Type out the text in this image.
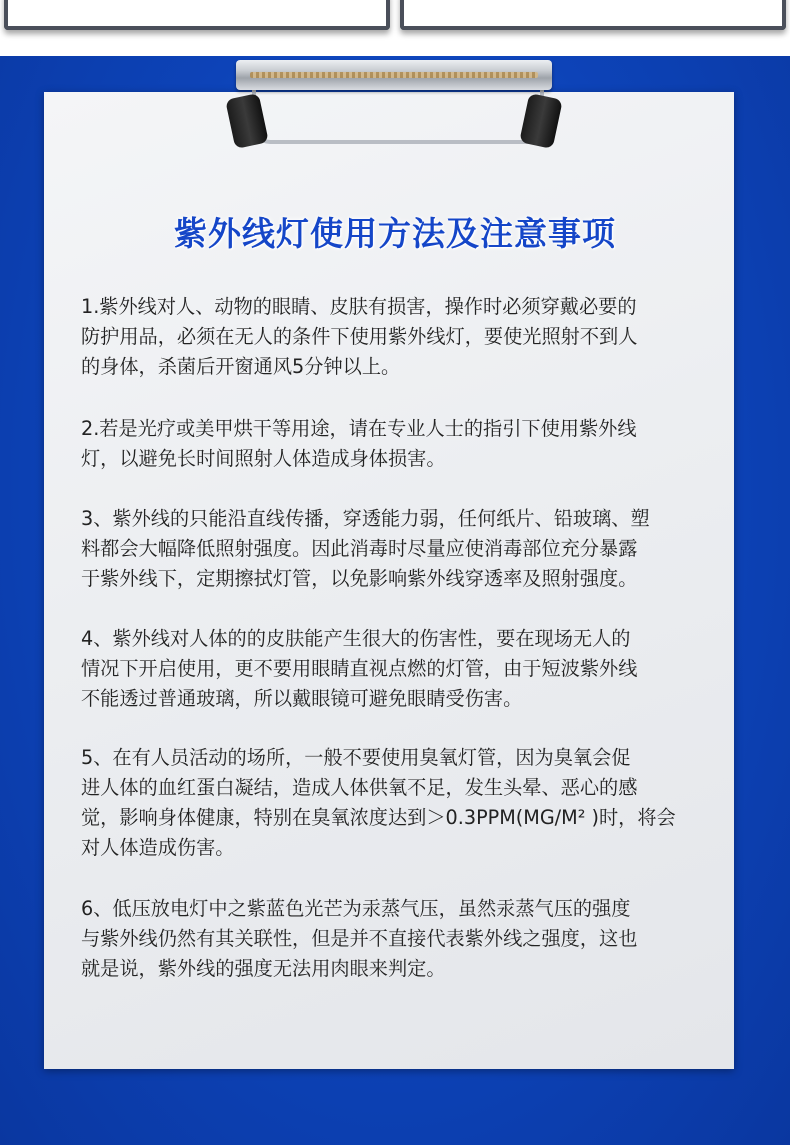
紫外线灯使用方法及注意事项
1.紫外线对人、动物的眼睛、皮肤有损害，操作时必须穿戴必要的
防护用品，必须在无人的条件下使用紫外线灯，要使光照射不到人
的身体，杀菌后开窗通风5分钟以上。
2.若是光疗或美甲烘干等用途，请在专业人士的指引下使用紫外线
灯，以避免长时间照射人体造成身体损害。
3、紫外线的只能沿直线传播，穿透能力弱，任何纸片、铅玻璃、塑
料都会大幅降低照射强度。因此消毒时尽量应使消毒部位充分暴露
于紫外线下，定期擦拭灯管，以免影响紫外线穿透率及照射强度。
4、紫外线对人体的的皮肤能产生很大的伤害性，要在现场无人的
情况下开启使用，更不要用眼睛直视点燃的灯管，由于短波紫外线
不能透过普通玻璃，所以戴眼镜可避免眼睛受伤害。
5、在有人员活动的场所，一般不要使用臭氧灯管，因为臭氧会促
进人体的血红蛋白凝结，造成人体供氧不足，发生头晕、恶心的感
觉，影响身体健康，特别在臭氧浓度达到＞0.3PPM(MG/M² )时，将会
对人体造成伤害。
6、低压放电灯中之紫蓝色光芒为汞蒸气压，虽然汞蒸气压的强度
与紫外线仍然有其关联性，但是并不直接代表紫外线之强度，这也
就是说，紫外线的强度无法用肉眼来判定。
